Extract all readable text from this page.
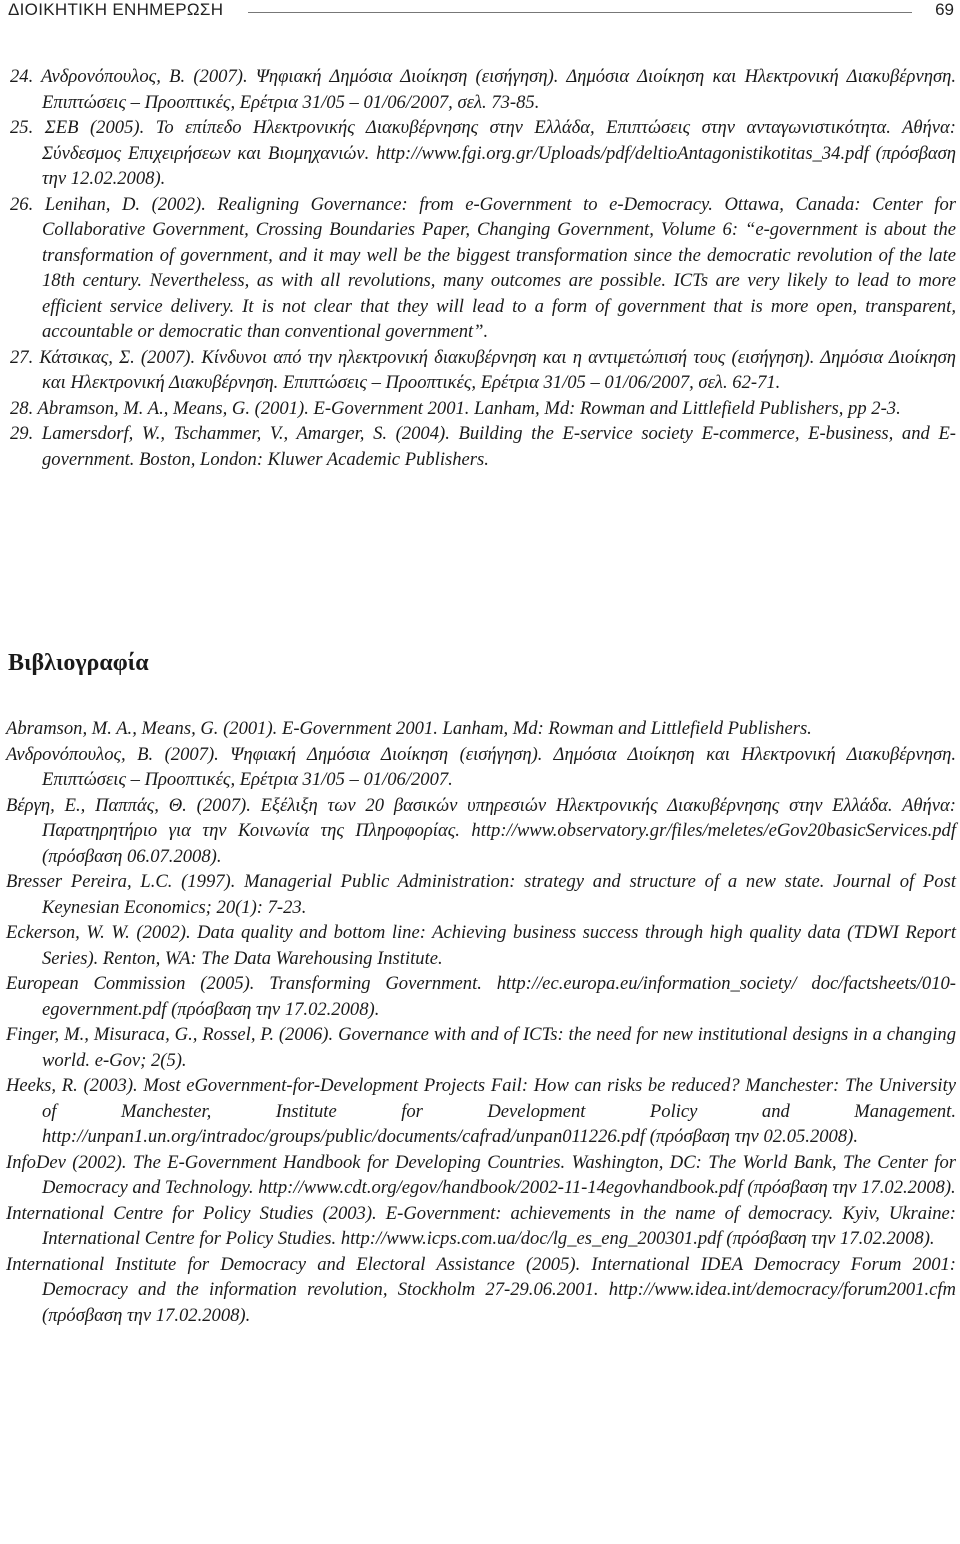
ΔΙΟΙΚΗΤΙΚΗ ΕΝΗΜΕΡΩΣΗ	69

24. Ανδρονόπουλος, Β. (2007). Ψηφιακή Δημόσια Διοίκηση (εισήγηση). Δημόσια Διοίκηση και Ηλεκτρονική Διακυβέρνηση. Επιπτώσεις – Προοπτικές, Ερέτρια 31/05 – 01/06/2007, σελ. 73-85.

25. ΣΕΒ (2005). Το επίπεδο Ηλεκτρονικής Διακυβέρνησης στην Ελλάδα, Επιπτώσεις στην ανταγωνιστικότητα. Αθήνα: Σύνδεσμος Επιχειρήσεων και Βιομηχανιών. http://www.fgi.org.gr/Uploads/pdf/deltioAntagonistikotitas_34.pdf (πρόσβαση την 12.02.2008).

26. Lenihan, D. (2002). Realigning Governance: from e-Government to e-Democracy. Ottawa, Canada: Center for Collaborative Government, Crossing Boundaries Paper, Changing Government, Volume 6: “e-government is about the transformation of government, and it may well be the biggest transformation since the democratic revolution of the late 18th century. Nevertheless, as with all revolutions, many outcomes are possible. ICTs are very likely to lead to more efficient service delivery. It is not clear that they will lead to a form of government that is more open, transparent, accountable or democratic than conventional government”.

27. Κάτσικας, Σ. (2007). Κίνδυνοι από την ηλεκτρονική διακυβέρνηση και η αντιμετώπισή τους (εισήγηση). Δημόσια Διοίκηση και Ηλεκτρονική Διακυβέρνηση. Επιπτώσεις – Προοπτικές, Ερέτρια 31/05 – 01/06/2007, σελ. 62-71.

28. Abramson, M. A., Means, G. (2001). E-Government 2001. Lanham, Md: Rowman and Littlefield Publishers, pp 2-3.

29. Lamersdorf, W., Tschammer, V., Amarger, S. (2004). Building the E-service society E-commerce, E-business, and E-government. Boston, London: Kluwer Academic Publishers.

Βιβλιογραφία

Abramson, M. A., Means, G. (2001). E-Government 2001. Lanham, Md: Rowman and Littlefield Publishers.

Ανδρονόπουλος, Β. (2007). Ψηφιακή Δημόσια Διοίκηση (εισήγηση). Δημόσια Διοίκηση και Ηλεκτρονική Διακυβέρνηση. Επιπτώσεις – Προοπτικές, Ερέτρια 31/05 – 01/06/2007.

Βέργη, Ε., Παππάς, Θ. (2007). Εξέλιξη των 20 βασικών υπηρεσιών Ηλεκτρονικής Διακυβέρνησης στην Ελλάδα. Αθήνα: Παρατηρητήριο για την Κοινωνία της Πληροφορίας. http://www.observatory.gr/files/meletes/eGov20basicServices.pdf (πρόσβαση 06.07.2008).

Bresser Pereira, L.C. (1997). Managerial Public Administration: strategy and structure of a new state. Journal of Post Keynesian Economics; 20(1): 7-23.

Eckerson, W. W. (2002). Data quality and bottom line: Achieving business success through high quality data (TDWI Report Series). Renton, WA: The Data Warehousing Institute.

European Commission (2005). Transforming Government. http://ec.europa.eu/information_society/ doc/factsheets/010-egovernment.pdf (πρόσβαση την 17.02.2008).

Finger, M., Misuraca, G., Rossel, P. (2006). Governance with and of ICTs: the need for new institutional designs in a changing world. e-Gov; 2(5).

Heeks, R. (2003). Most eGovernment-for-Development Projects Fail: How can risks be reduced? Manchester: The University of Manchester, Institute for Development Policy and Management. http://unpan1.un.org/intradoc/groups/public/documents/cafrad/unpan011226.pdf (πρόσβαση την 02.05.2008).

InfoDev (2002). The E-Government Handbook for Developing Countries. Washington, DC: The World Bank, The Center for Democracy and Technology. http://www.cdt.org/egov/handbook/2002-11-14egovhandbook.pdf (πρόσβαση την 17.02.2008).

International Centre for Policy Studies (2003). E-Government: achievements in the name of democracy. Kyiv, Ukraine: International Centre for Policy Studies. http://www.icps.com.ua/doc/lg_es_eng_200301.pdf (πρόσβαση την 17.02.2008).

International Institute for Democracy and Electoral Assistance (2005). International IDEA Democracy Forum 2001: Democracy and the information revolution, Stockholm 27-29.06.2001. http://www.idea.int/democracy/forum2001.cfm (πρόσβαση την 17.02.2008).
